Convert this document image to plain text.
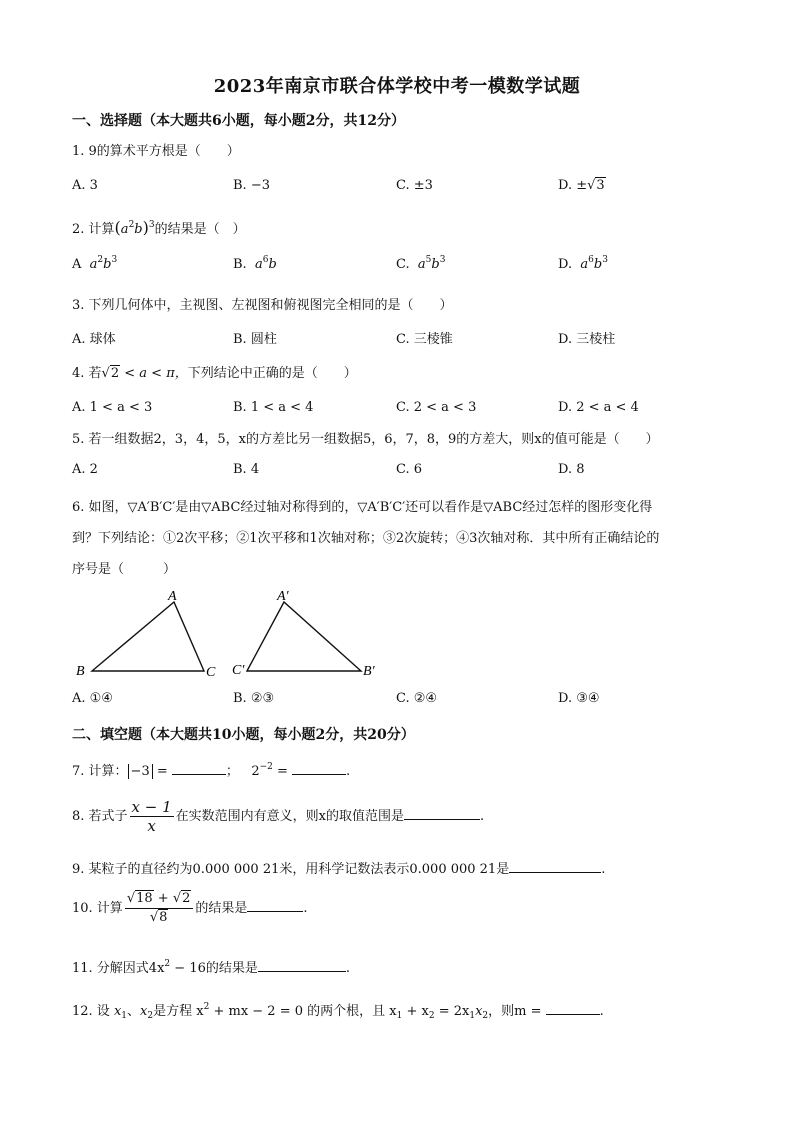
2023年南京市联合体学校中考一模数学试题
一、选择题（本大题共6小题，每小题2分，共12分）
1. 9的算术平方根是（　　）
A. 3	B. −3	C. ±3	D. ±√3
2. 计算$(a^2b)^3$的结果是（　）
A $a^2b^3$	B. $a^6b$	C. $a^5b^3$	D. $a^6b^3$
3. 下列几何体中，主视图、左视图和俯视图完全相同的是（　　）
A. 球体	B. 圆柱	C. 三棱锥	D. 三棱柱
4. 若√2 < a < π，下列结论中正确的是（　　）
A. 1 < a < 3	B. 1 < a < 4	C. 2 < a < 3	D. 2 < a < 4
5. 若一组数据2，3，4，5，x的方差比另一组数据5，6，7，8，9的方差大，则x的值可能是（　　）
A. 2	B. 4	C. 6	D. 8
6. 如图，▽A′B′C′是由▽ABC经过轴对称得到的，▽A′B′C′还可以看作是▽ABC经过怎样的图形变化得
到？下列结论：①2次平移；②1次平移和1次轴对称；③2次旋转；④3次轴对称．其中所有正确结论的
序号是（　　　）
A
B	C
A′
C′	B′
A. ①④	B. ②③	C. ②④	D. ③④
二、填空题（本大题共10小题，每小题2分，共20分）
7. 计算： −3 =	； $2^{-2}$ =	.
8. 若式子 $\frac{x - 1}{x}$ 在实数范围内有意义，则x的取值范围是	.
9. 某粒子的直径约为0.000 000 21米，用科学记数法表示0.000 000 21是	.
10. 计算 $\frac{√18 + √2}{√8}$ 的结果是	.
11. 分解因式$4x^2 - 16$的结果是	.
12. 设 $x_1$、$x_2$是方程 $x^2$ + mx − 2 = 0 的两个根，且 $x_1 + x_2 = 2x_1x_2$，则m =	.
